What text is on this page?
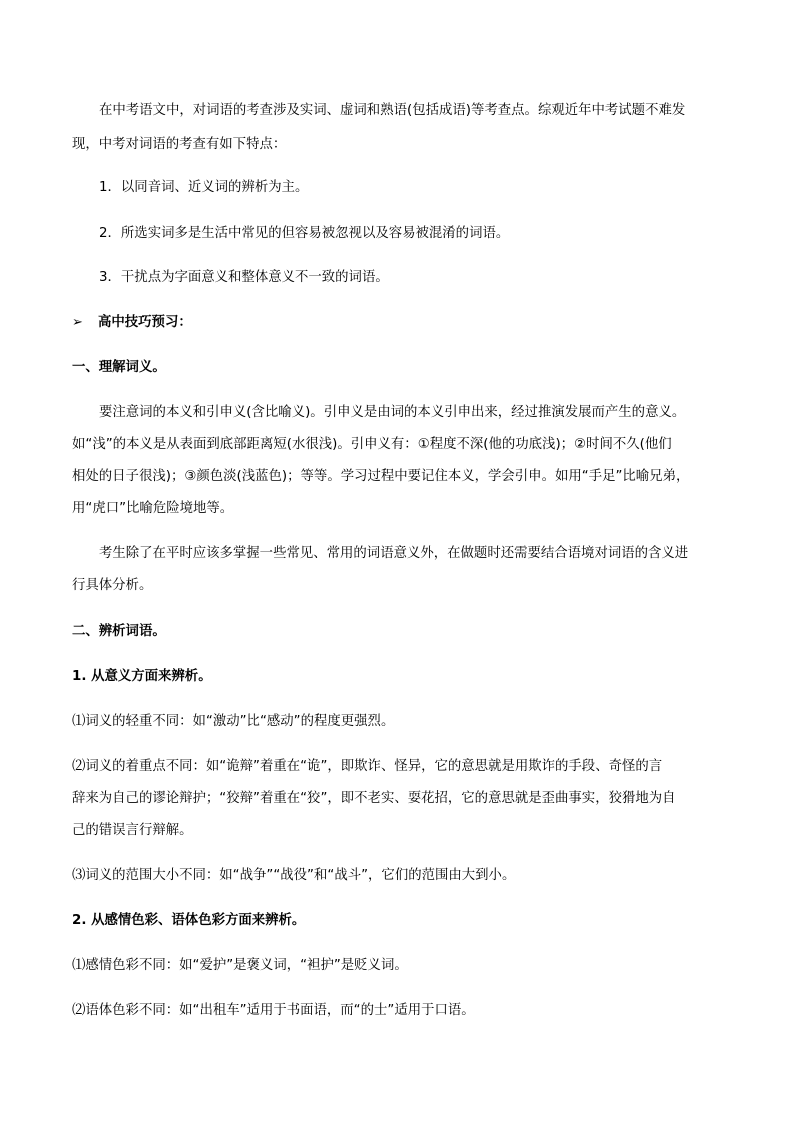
在中考语文中，对词语的考查涉及实词、虚词和熟语(包括成语)等考查点。综观近年中考试题不难发
现，中考对词语的考查有如下特点：
1．以同音词、近义词的辨析为主。
2．所选实词多是生活中常见的但容易被忽视以及容易被混淆的词语。
3．干扰点为字面意义和整体意义不一致的词语。
➢ 高中技巧预习：
一、理解词义。
要注意词的本义和引申义(含比喻义)。引申义是由词的本义引申出来，经过推演发展而产生的意义。
如“浅”的本义是从表面到底部距离短(水很浅)。引申义有：①程度不深(他的功底浅)；②时间不久(他们
相处的日子很浅)；③颜色淡(浅蓝色)；等等。学习过程中要记住本义，学会引申。如用“手足”比喻兄弟，
用“虎口”比喻危险境地等。
考生除了在平时应该多掌握一些常见、常用的词语意义外，在做题时还需要结合语境对词语的含义进
行具体分析。
二、辨析词语。
1. 从意义方面来辨析。
⑴词义的轻重不同：如“激动”比“感动”的程度更强烈。
⑵词义的着重点不同：如“诡辩”着重在“诡”，即欺诈、怪异，它的意思就是用欺诈的手段、奇怪的言
辞来为自己的谬论辩护；“狡辩”着重在“狡”，即不老实、耍花招，它的意思就是歪曲事实，狡猾地为自
己的错误言行辩解。
⑶词义的范围大小不同：如“战争”“战役”和“战斗”，它们的范围由大到小。
2. 从感情色彩、语体色彩方面来辨析。
⑴感情色彩不同：如“爱护”是褒义词，“袒护”是贬义词。
⑵语体色彩不同：如“出租车”适用于书面语，而“的士”适用于口语。
